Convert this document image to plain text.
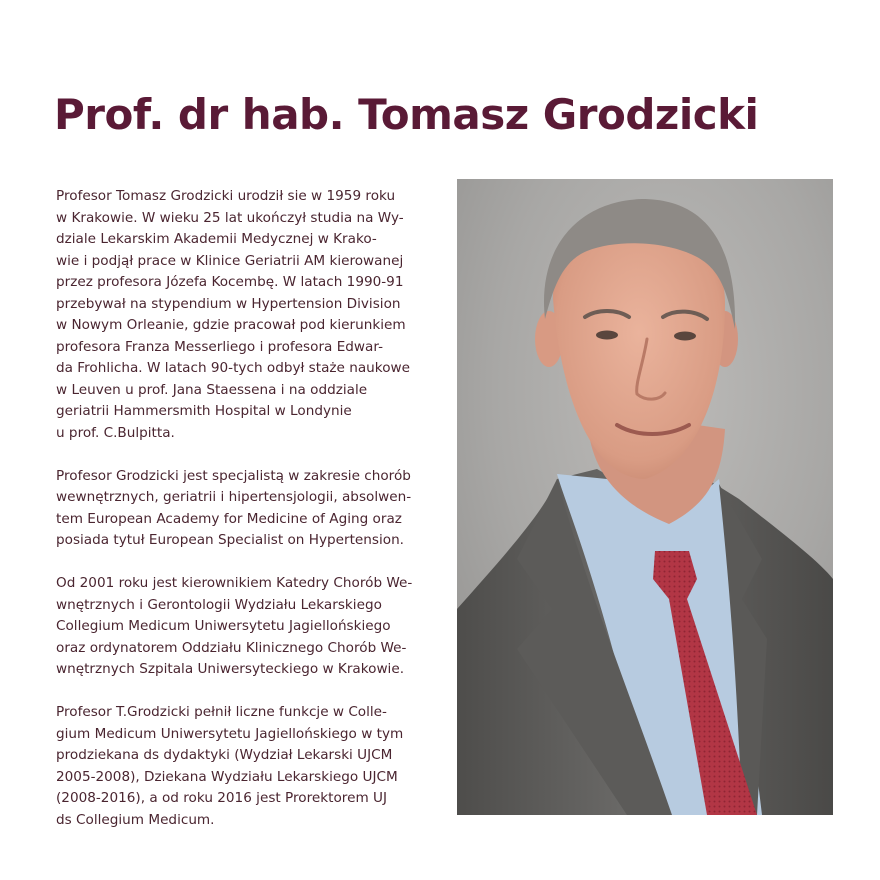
Prof. dr hab. Tomasz Grodzicki

Profesor Tomasz Grodzicki urodził sie w 1959 roku
w Krakowie. W wieku 25 lat ukończył studia na Wy-
dziale Lekarskim Akademii Medycznej w Krako-
wie i podjął prace w Klinice Geriatrii AM kierowanej
przez profesora Józefa Kocembę. W latach 1990-91
przebywał na stypendium w Hypertension Division
w Nowym Orleanie, gdzie pracował pod kierunkiem
profesora Franza Messerliego i profesora Edwar-
da Frohlicha. W latach 90-tych odbył staże naukowe
w Leuven u prof. Jana Staessena i na oddziale
geriatrii Hammersmith Hospital w Londynie
u prof. C.Bulpitta.

Profesor Grodzicki jest specjalistą w zakresie chorób
wewnętrznych, geriatrii i hipertensjologii, absolwen-
tem European Academy for Medicine of Aging oraz
posiada tytuł European Specialist on Hypertension.

Od 2001 roku jest kierownikiem Katedry Chorób We-
wnętrznych i Gerontologii Wydziału Lekarskiego
Collegium Medicum Uniwersytetu Jagiellońskiego
oraz ordynatorem Oddziału Klinicznego Chorób We-
wnętrznych Szpitala Uniwersyteckiego w Krakowie.

Profesor T.Grodzicki pełnił liczne funkcje w Colle-
gium Medicum Uniwersytetu Jagiellońskiego w tym
prodziekana ds dydaktyki (Wydział Lekarski UJCM
2005-2008), Dziekana Wydziału Lekarskiego UJCM
(2008-2016), a od roku 2016 jest Prorektorem UJ
ds Collegium Medicum.
